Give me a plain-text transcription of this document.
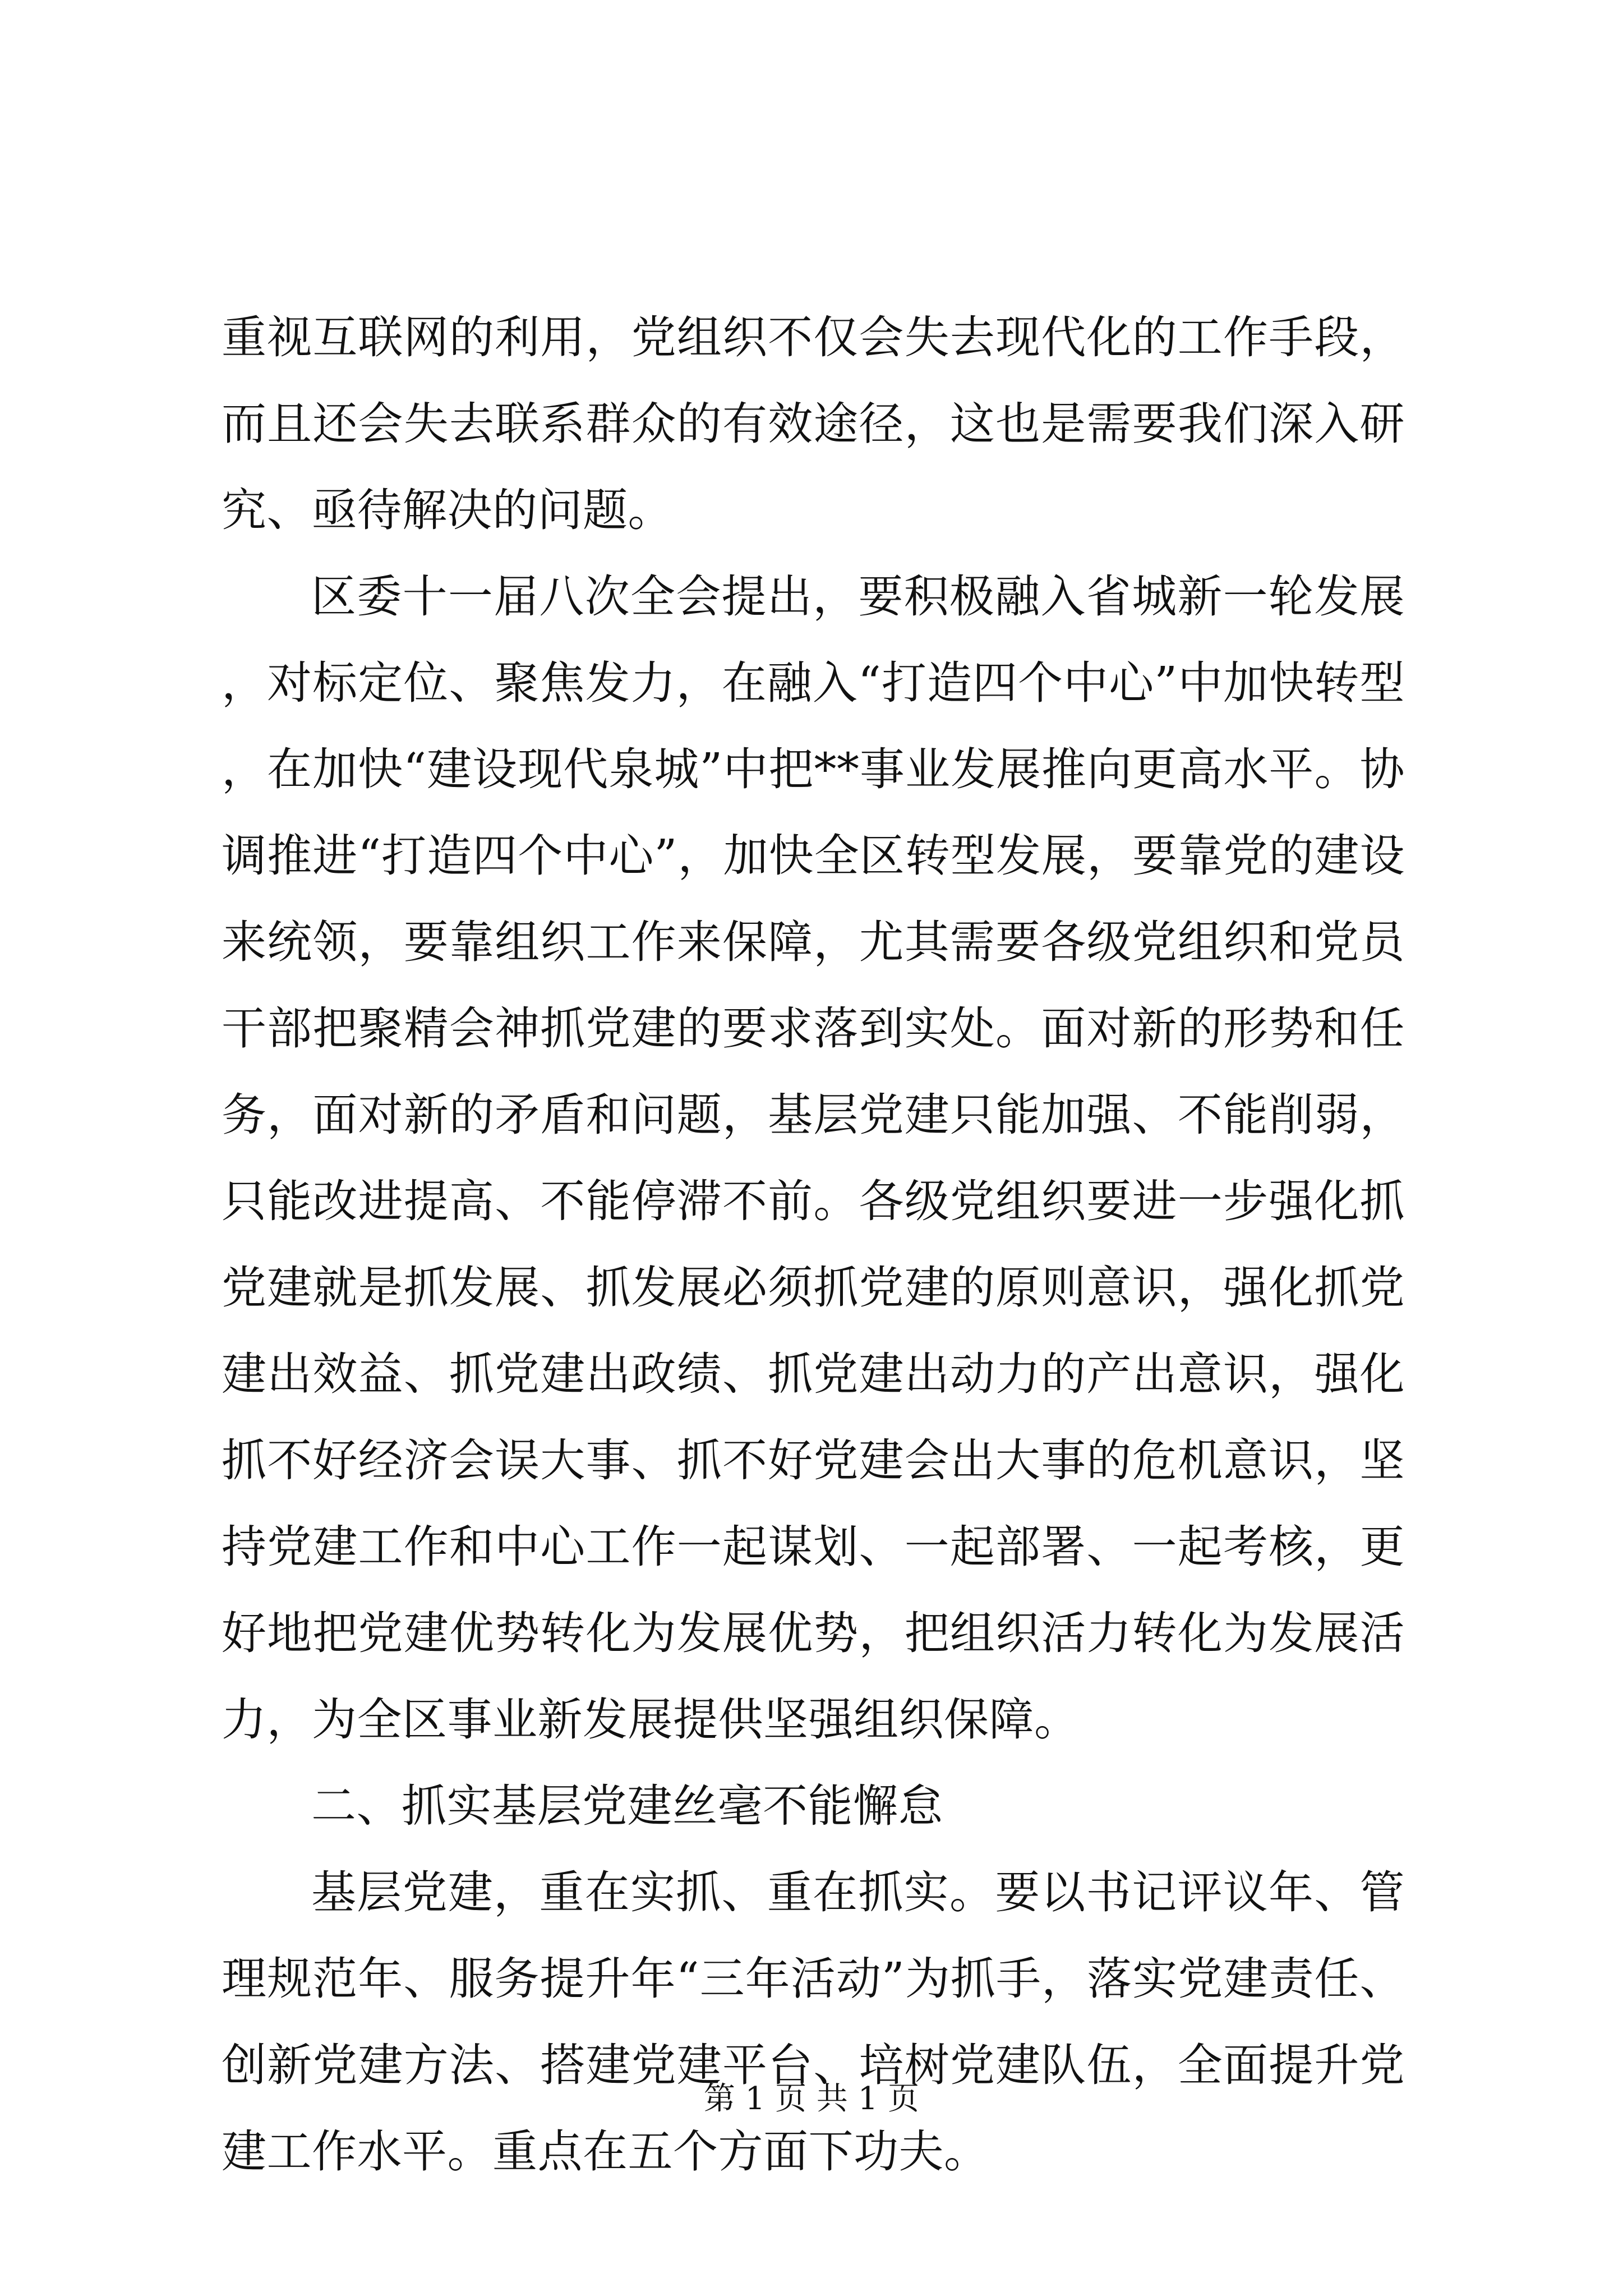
重视互联网的利用，党组织不仅会失去现代化的工作手段，而且还会失去联系群众的有效途径，这也是需要我们深入研究、亟待解决的问题。

区委十一届八次全会提出，要积极融入省城新一轮发展，对标定位、聚焦发力，在融入“打造四个中心”中加快转型，在加快“建设现代泉城”中把**事业发展推向更高水平。协调推进“打造四个中心”，加快全区转型发展，要靠党的建设来统领，要靠组织工作来保障，尤其需要各级党组织和党员干部把聚精会神抓党建的要求落到实处。面对新的形势和任务，面对新的矛盾和问题，基层党建只能加强、不能削弱，只能改进提高、不能停滞不前。各级党组织要进一步强化抓党建就是抓发展、抓发展必须抓党建的原则意识，强化抓党建出效益、抓党建出政绩、抓党建出动力的产出意识，强化抓不好经济会误大事、抓不好党建会出大事的危机意识，坚持党建工作和中心工作一起谋划、一起部署、一起考核，更好地把党建优势转化为发展优势，把组织活力转化为发展活力，为全区事业新发展提供坚强组织保障。

二、抓实基层党建丝毫不能懈怠

基层党建，重在实抓、重在抓实。要以书记评议年、管理规范年、服务提升年“三年活动”为抓手，落实党建责任、创新党建方法、搭建党建平台、培树党建队伍，全面提升党建工作水平。重点在五个方面下功夫。

第 1 页 共 1 页
